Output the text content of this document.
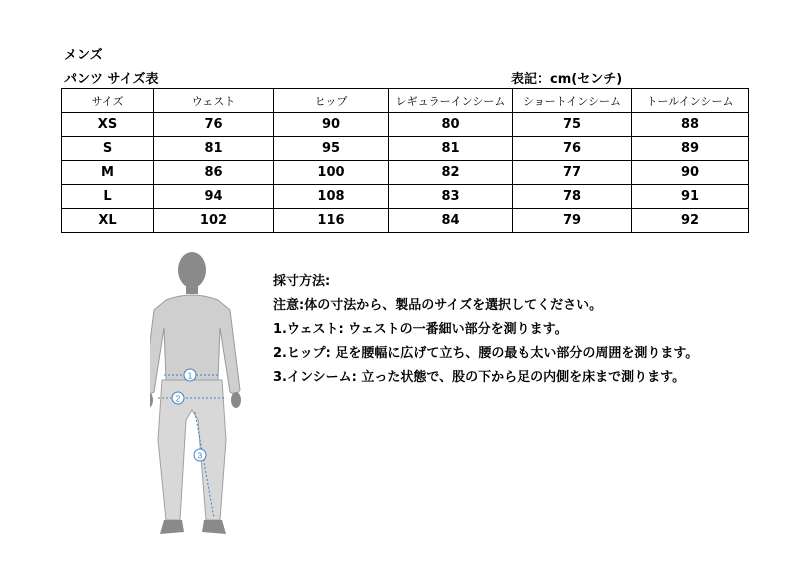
メンズ
パンツ サイズ表	表記：cm(センチ)
サイズ	ウェスト	ヒップ	レギュラーインシーム	ショートインシーム	トールインシーム
XS	76	90	80	75	88
S	81	95	81	76	89
M	86	100	82	77	90
L	94	108	83	78	91
XL	102	116	84	79	92
1
2
3
採寸方法:
注意:体の寸法から、製品のサイズを選択してください。
1.ウェスト: ウェストの一番細い部分を測ります。
2.ヒップ: 足を腰幅に広げて立ち、腰の最も太い部分の周囲を測ります。
3.インシーム: 立った状態で、股の下から足の内側を床まで測ります。
